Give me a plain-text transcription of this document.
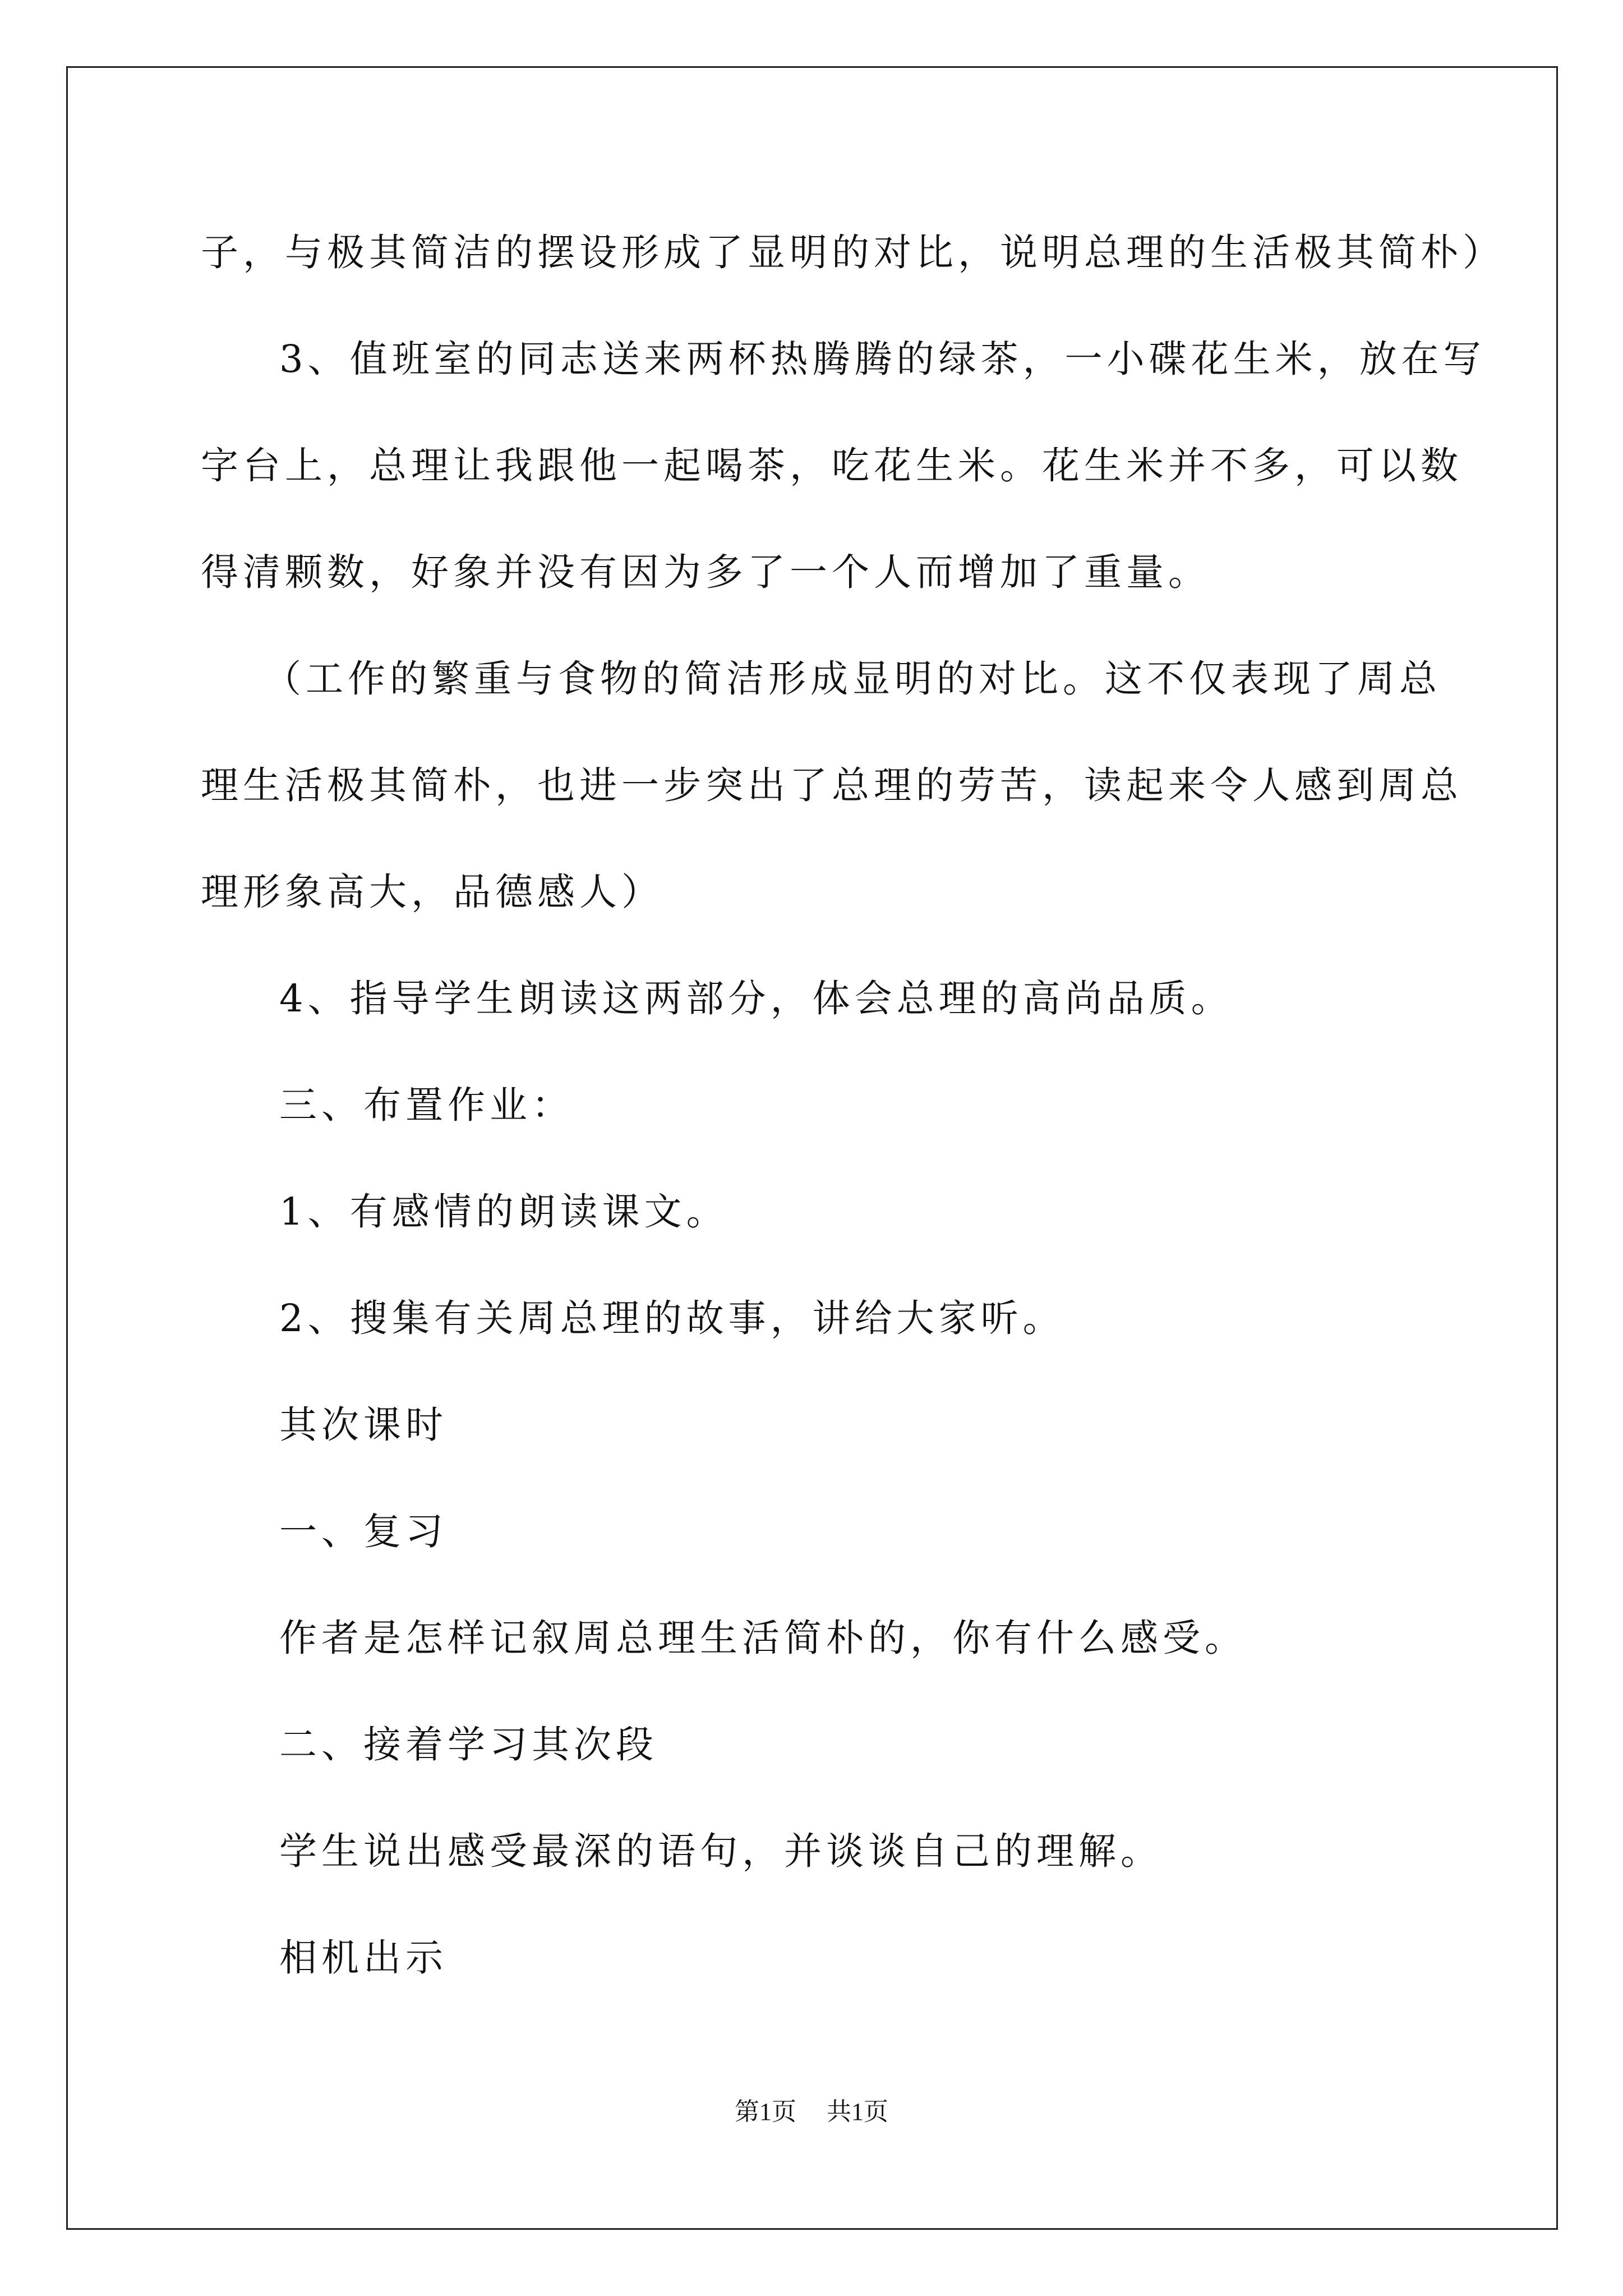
子，与极其简洁的摆设形成了显明的对比，说明总理的生活极其简朴）
3、值班室的同志送来两杯热腾腾的绿茶，一小碟花生米，放在写
字台上，总理让我跟他一起喝茶，吃花生米。花生米并不多，可以数
得清颗数，好象并没有因为多了一个人而增加了重量。
（工作的繁重与食物的简洁形成显明的对比。这不仅表现了周总
理生活极其简朴，也进一步突出了总理的劳苦，读起来令人感到周总
理形象高大，品德感人）
4、指导学生朗读这两部分，体会总理的高尚品质。
三、布置作业：
1、有感情的朗读课文。
2、搜集有关周总理的故事，讲给大家听。
其次课时
一、复习
作者是怎样记叙周总理生活简朴的，你有什么感受。
二、接着学习其次段
学生说出感受最深的语句，并谈谈自己的理解。
相机出示
第1页 共1页
